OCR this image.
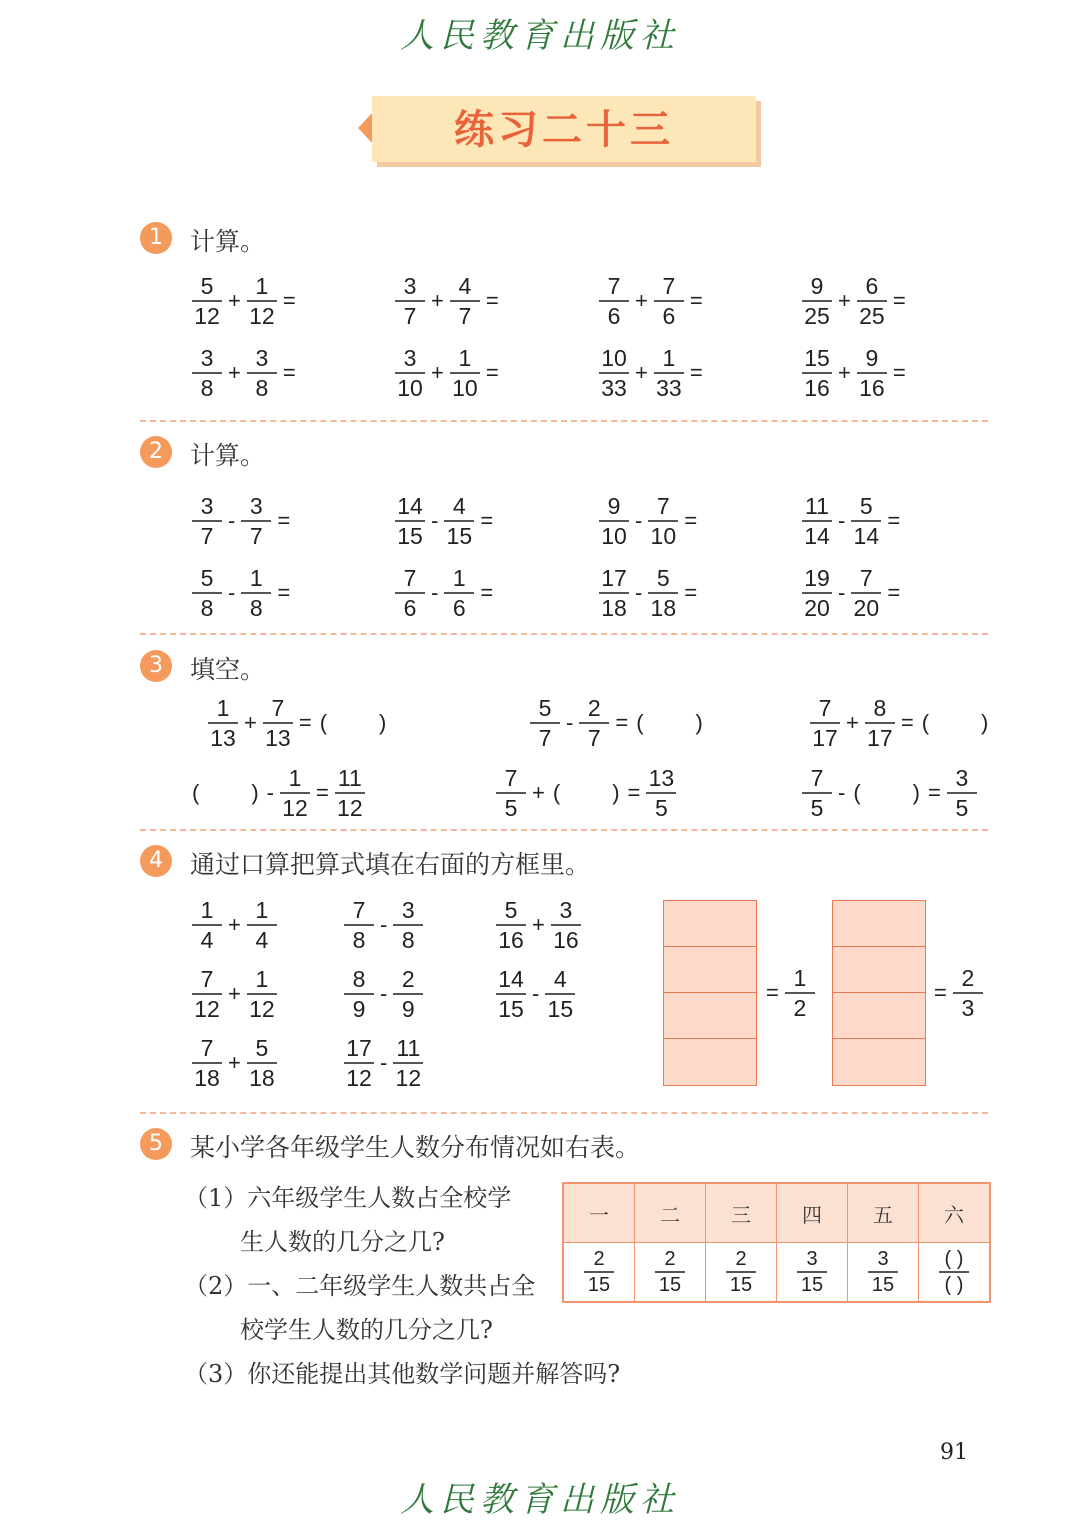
人民教育出版社
练习二十三
1	计算。
$\frac{5}{12} + \frac{1}{12}$ =	$\frac{3}{7} + \frac{4}{7}$ =	$\frac{7}{6} + \frac{7}{6}$ =	$\frac{9}{25} + \frac{6}{25}$ =
$\frac{3}{8} + \frac{3}{8}$ =	$\frac{3}{10} + \frac{1}{10}$ =	$\frac{10}{33} + \frac{1}{33}$ =	$\frac{15}{16} + \frac{9}{16}$ =
2	计算。
$\frac{3}{7} - \frac{3}{7}$ =	$\frac{14}{15} - \frac{4}{15}$ =	$\frac{9}{10} - \frac{7}{10}$ =	$\frac{11}{14} - \frac{5}{14}$ =
$\frac{5}{8} - \frac{1}{8}$ =	$\frac{7}{6} - \frac{1}{6}$ =	$\frac{17}{18} - \frac{5}{18}$ =	$\frac{19}{20} - \frac{7}{20}$ =
3	填空。
$\frac{1}{13} + \frac{7}{13}$ = ( )	$\frac{5}{7} - \frac{2}{7}$ = ( )	$\frac{7}{17} + \frac{8}{17}$ = ( )
( ) - $\frac{1}{12} = \frac{11}{12}$	$\frac{7}{5}$ + ( ) = $\frac{13}{5}$	$\frac{7}{5}$ - ( ) = $\frac{3}{5}$
4	通过口算把算式填在右面的方框里。
$\frac{1}{4} + \frac{1}{4}$	$\frac{7}{8} - \frac{3}{8}$	$\frac{5}{16} + \frac{3}{16}$
$\frac{7}{12} + \frac{1}{12}$	$\frac{8}{9} - \frac{2}{9}$	$\frac{14}{15} - \frac{4}{15}$
$\frac{7}{18} + \frac{5}{18}$	$\frac{17}{12} - \frac{11}{12}$
= $\frac{1}{2}$	= $\frac{2}{3}$
5	某小学各年级学生人数分布情况如右表。
（1）六年级学生人数占全校学
生人数的几分之几?
（2）一、二年级学生人数共占全
校学生人数的几分之几?
（3）你还能提出其他数学问题并解答吗?
一	二	三	四	五	六

$\frac{2}{15}$	$\frac{2}{15}$	$\frac{2}{15}$	$\frac{3}{15}$	$\frac{3}{15}$	( )
( )
91
人民教育出版社
